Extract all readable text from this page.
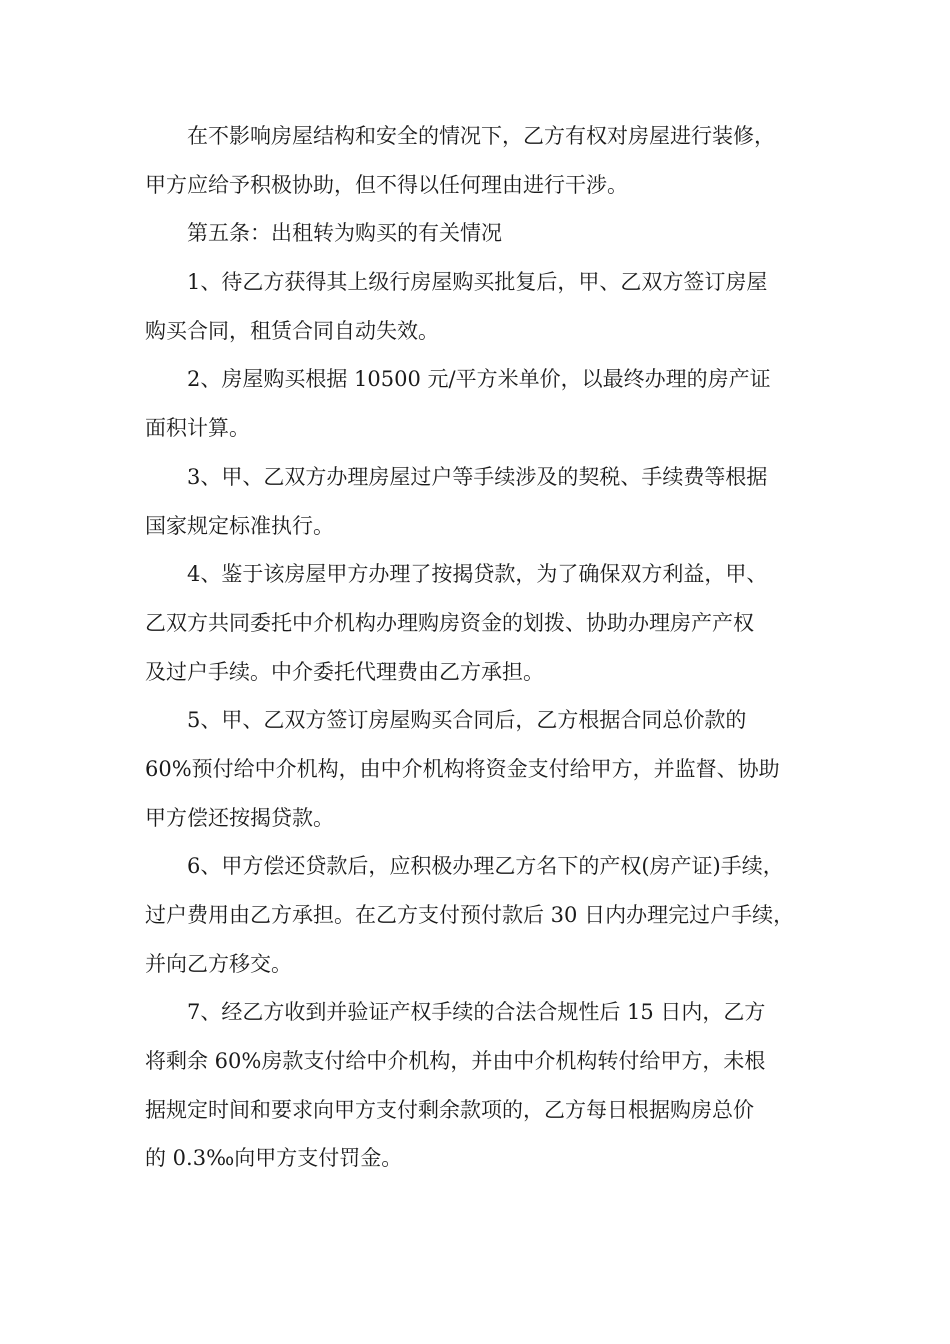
在不影响房屋结构和安全的情况下，乙方有权对房屋进行装修，
甲方应给予积极协助，但不得以任何理由进行干涉。
第五条：出租转为购买的有关情况
1、待乙方获得其上级行房屋购买批复后，甲、乙双方签订房屋
购买合同，租赁合同自动失效。
2、房屋购买根据 10500 元/平方米单价，以最终办理的房产证
面积计算。
3、甲、乙双方办理房屋过户等手续涉及的契税、手续费等根据
国家规定标准执行。
4、鉴于该房屋甲方办理了按揭贷款，为了确保双方利益，甲、
乙双方共同委托中介机构办理购房资金的划拨、协助办理房产产权
及过户手续。中介委托代理费由乙方承担。
5、甲、乙双方签订房屋购买合同后，乙方根据合同总价款的
60%预付给中介机构，由中介机构将资金支付给甲方，并监督、协助
甲方偿还按揭贷款。
6、甲方偿还贷款后，应积极办理乙方名下的产权(房产证)手续，
过户费用由乙方承担。在乙方支付预付款后 30 日内办理完过户手续，
并向乙方移交。
7、经乙方收到并验证产权手续的合法合规性后 15 日内，乙方
将剩余 60%房款支付给中介机构，并由中介机构转付给甲方，未根
据规定时间和要求向甲方支付剩余款项的，乙方每日根据购房总价
的 0.3‰向甲方支付罚金。
